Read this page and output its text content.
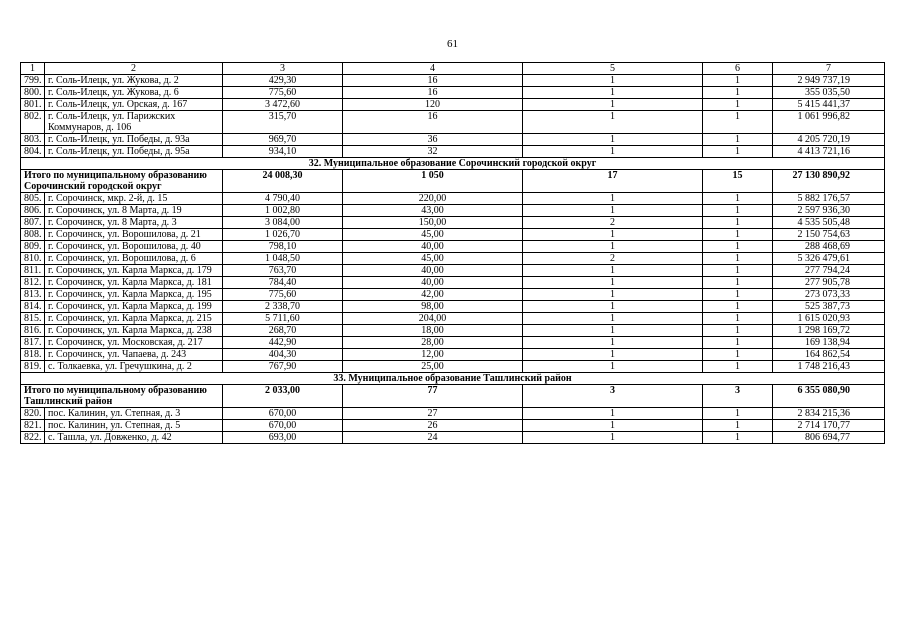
61
1	2	3	4	5	6	7
799.	г. Соль-Илецк, ул. Жукова, д. 2	429,30	16	1	1	2 949 737,19
800.	г. Соль-Илецк, ул. Жукова, д. 6	775,60	16	1	1	355 035,50
801.	г. Соль-Илецк, ул. Орская, д. 167	3 472,60	120	1	1	5 415 441,37
802.	г. Соль-Илецк, ул. Парижских Коммунаров, д. 106	315,70	16	1	1	1 061 996,82
803.	г. Соль-Илецк, ул. Победы, д. 93а	969,70	36	1	1	4 205 720,19
804.	г. Соль-Илецк, ул. Победы, д. 95а	934,10	32	1	1	4 413 721,16
32. Муниципальное образование Сорочинский городской округ						
Итого по муниципальному образованию Сорочинский городской округ		24 008,30	1 050	17	15	27 130 890,92
805.	г. Сорочинск, мкр. 2-й, д. 15	4 790,40	220,00	1	1	5 882 176,57
806.	г. Сорочинск, ул. 8 Марта, д. 19	1 002,80	43,00	1	1	2 597 936,30
807.	г. Сорочинск, ул. 8 Марта, д. 3	3 084,00	150,00	2	1	4 535 505,48
808.	г. Сорочинск, ул. Ворошилова, д. 21	1 026,70	45,00	1	1	2 150 754,63
809.	г. Сорочинск, ул. Ворошилова, д. 40	798,10	40,00	1	1	288 468,69
810.	г. Сорочинск, ул. Ворошилова, д. 6	1 048,50	45,00	2	1	5 326 479,61
811.	г. Сорочинск, ул. Карла Маркса, д. 179	763,70	40,00	1	1	277 794,24
812.	г. Сорочинск, ул. Карла Маркса, д. 181	784,40	40,00	1	1	277 905,78
813.	г. Сорочинск, ул. Карла Маркса, д. 195	775,60	42,00	1	1	273 073,33
814.	г. Сорочинск, ул. Карла Маркса, д. 199	2 338,70	98,00	1	1	525 387,73
815.	г. Сорочинск, ул. Карла Маркса, д. 215	5 711,60	204,00	1	1	1 615 020,93
816.	г. Сорочинск, ул. Карла Маркса, д. 238	268,70	18,00	1	1	1 298 169,72
817.	г. Сорочинск, ул. Московская, д. 217	442,90	28,00	1	1	169 138,94
818.	г. Сорочинск, ул. Чапаева, д. 243	404,30	12,00	1	1	164 862,54
819.	с. Толкаевка, ул. Гречушкина, д. 2	767,90	25,00	1	1	1 748 216,43
33. Муниципальное образование Ташлинский район						
Итого по муниципальному образованию Ташлинский район		2 033,00	77	3	3	6 355 080,90
820.	пос. Калинин, ул. Степная, д. 3	670,00	27	1	1	2 834 215,36
821.	пос. Калинин, ул. Степная, д. 5	670,00	26	1	1	2 714 170,77
822.	с. Ташла, ул. Довженко, д. 42	693,00	24	1	1	806 694,77
